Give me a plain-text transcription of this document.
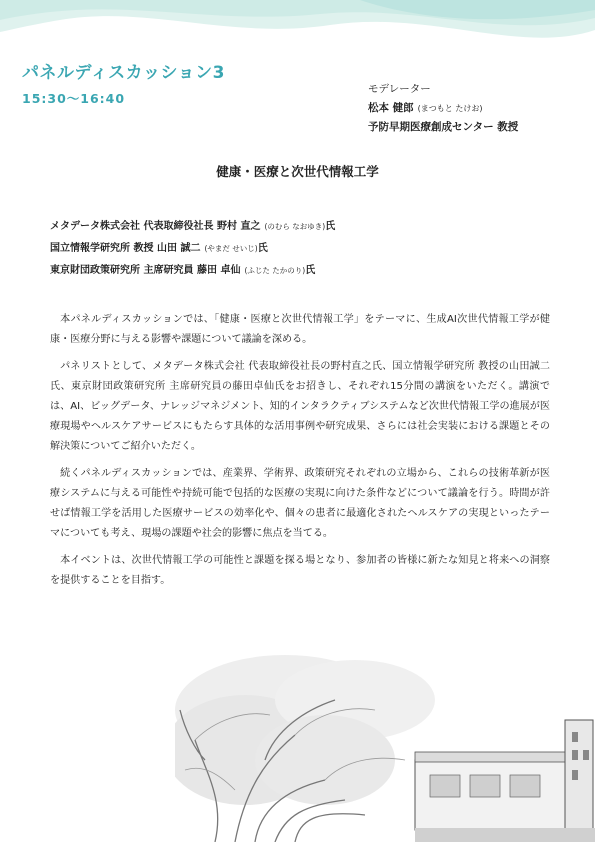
パネルディスカッション3
15:30〜16:40
モデレーター
松本 健郎 (まつもと たけお)
予防早期医療創成センター 教授
健康・医療と次世代情報工学
メタデータ株式会社 代表取締役社長 野村 直之 (のむら なおゆき)氏
国立情報学研究所 教授 山田 誠二 (やまだ せいじ)氏
東京財団政策研究所 主席研究員 藤田 卓仙 (ふじた たかのり)氏

本パネルディスカッションでは、「健康・医療と次世代情報工学」をテーマに、生成AI次世代情報工学が健康・医療分野に与える影響や課題について議論を深める。

パネリストとして、メタデータ株式会社 代表取締役社長の野村直之氏、国立情報学研究所 教授の山田誠二氏、東京財団政策研究所 主席研究員の藤田卓仙氏をお招きし、それぞれ15分間の講演をいただく。講演では、AI、ビッグデータ、ナレッジマネジメント、知的インタラクティブシステムなど次世代情報工学の進展が医療現場やヘルスケアサービスにもたらす具体的な活用事例や研究成果、さらには社会実装における課題とその解決策についてご紹介いただく。

続くパネルディスカッションでは、産業界、学術界、政策研究それぞれの立場から、これらの技術革新が医療システムに与える可能性や持続可能で包括的な医療の実現に向けた条件などについて議論を行う。時間が許せば情報工学を活用した医療サービスの効率化や、個々の患者に最適化されたヘルスケアの実現といったテーマについても考え、現場の課題や社会的影響に焦点を当てる。

本イベントは、次世代情報工学の可能性と課題を探る場となり、参加者の皆様に新たな知見と将来への洞察を提供することを目指す。
